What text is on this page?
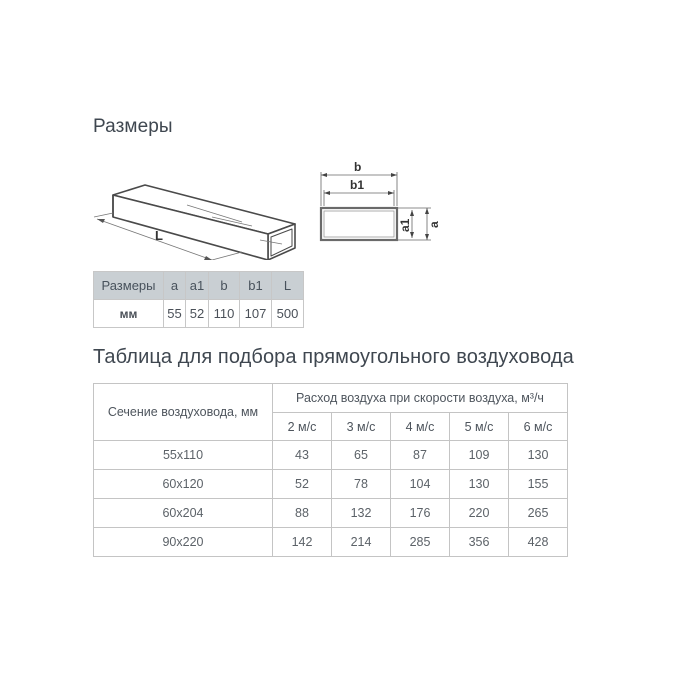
Размеры
L
b
b1
a1 a
Размеры	a	a1	b	b1	L
мм	55	52	110	107	500
Таблица для подбора прямоугольного воздуховода
Сечение воздуховода, мм	Расход воздуха при скорости воздуха, м³/ч				
	2 м/с	3 м/с	4 м/с	5 м/с	6 м/с
55x110	43	65	87	109	130
60x120	52	78	104	130	155
60x204	88	132	176	220	265
90x220	142	214	285	356	428
